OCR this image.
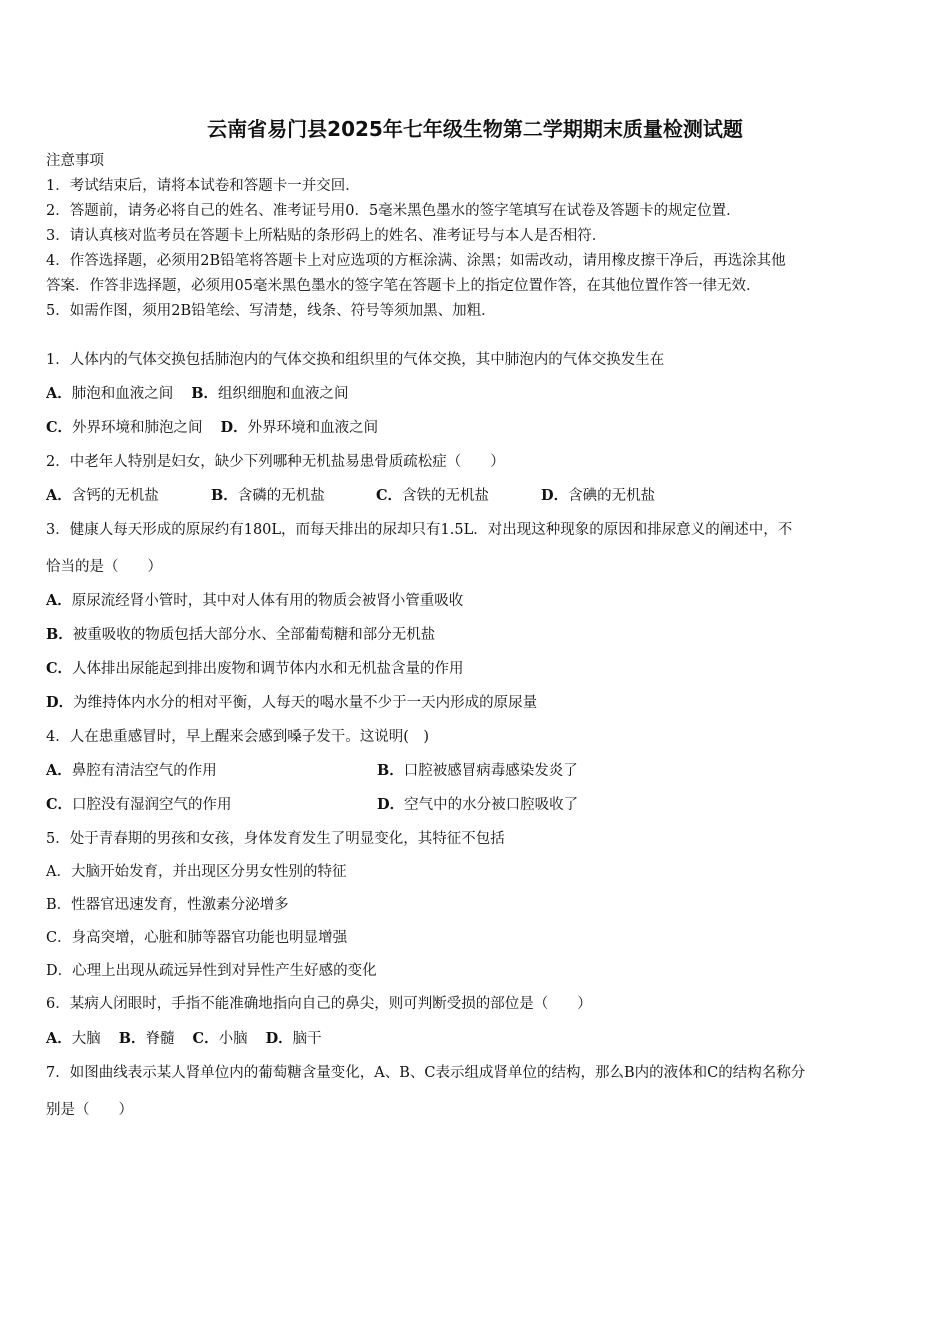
云南省易门县2025年七年级生物第二学期期末质量检测试题
注意事项
1．考试结束后，请将本试卷和答题卡一并交回．
2．答题前，请务必将自己的姓名、准考证号用0．5毫米黑色墨水的签字笔填写在试卷及答题卡的规定位置．
3．请认真核对监考员在答题卡上所粘贴的条形码上的姓名、准考证号与本人是否相符．
4．作答选择题，必须用2B铅笔将答题卡上对应选项的方框涂满、涂黑；如需改动，请用橡皮擦干净后，再选涂其他
答案．作答非选择题，必须用05毫米黑色墨水的签字笔在答题卡上的指定位置作答，在其他位置作答一律无效．
5．如需作图，须用2B铅笔绘、写清楚，线条、符号等须加黑、加粗．
1．人体内的气体交换包括肺泡内的气体交换和组织里的气体交换，其中肺泡内的气体交换发生在
A．肺泡和血液之间 B．组织细胞和血液之间
C．外界环境和肺泡之间 D．外界环境和血液之间
2．中老年人特别是妇女，缺少下列哪种无机盐易患骨质疏松症（　　）
A．含钙的无机盐	B．含磷的无机盐	C．含铁的无机盐	D．含碘的无机盐
3．健康人每天形成的原尿约有180L，而每天排出的尿却只有1.5L．对出现这种现象的原因和排尿意义的阐述中，不
恰当的是（　　）
A．原尿流经肾小管时，其中对人体有用的物质会被肾小管重吸收
B．被重吸收的物质包括大部分水、全部葡萄糖和部分无机盐
C．人体排出尿能起到排出废物和调节体内水和无机盐含量的作用
D．为维持体内水分的相对平衡，人每天的喝水量不少于一天内形成的原尿量
4．人在患重感冒时，早上醒来会感到嗓子发干。这说明(　)
A．鼻腔有清洁空气的作用	B．口腔被感冒病毒感染发炎了
C．口腔没有湿润空气的作用	D．空气中的水分被口腔吸收了
5．处于青春期的男孩和女孩，身体发育发生了明显变化，其特征不包括
A．大脑开始发育，并出现区分男女性别的特征
B．性器官迅速发育，性激素分泌增多
C．身高突增，心脏和肺等器官功能也明显增强
D．心理上出现从疏远异性到对异性产生好感的变化
6．某病人闭眼时，手指不能准确地指向自己的鼻尖，则可判断受损的部位是（　　）
A．大脑 B．脊髓 C．小脑 D．脑干
7．如图曲线表示某人肾单位内的葡萄糖含量变化，A、B、C表示组成肾单位的结构，那么B内的液体和C的结构名称分
别是（　　）
